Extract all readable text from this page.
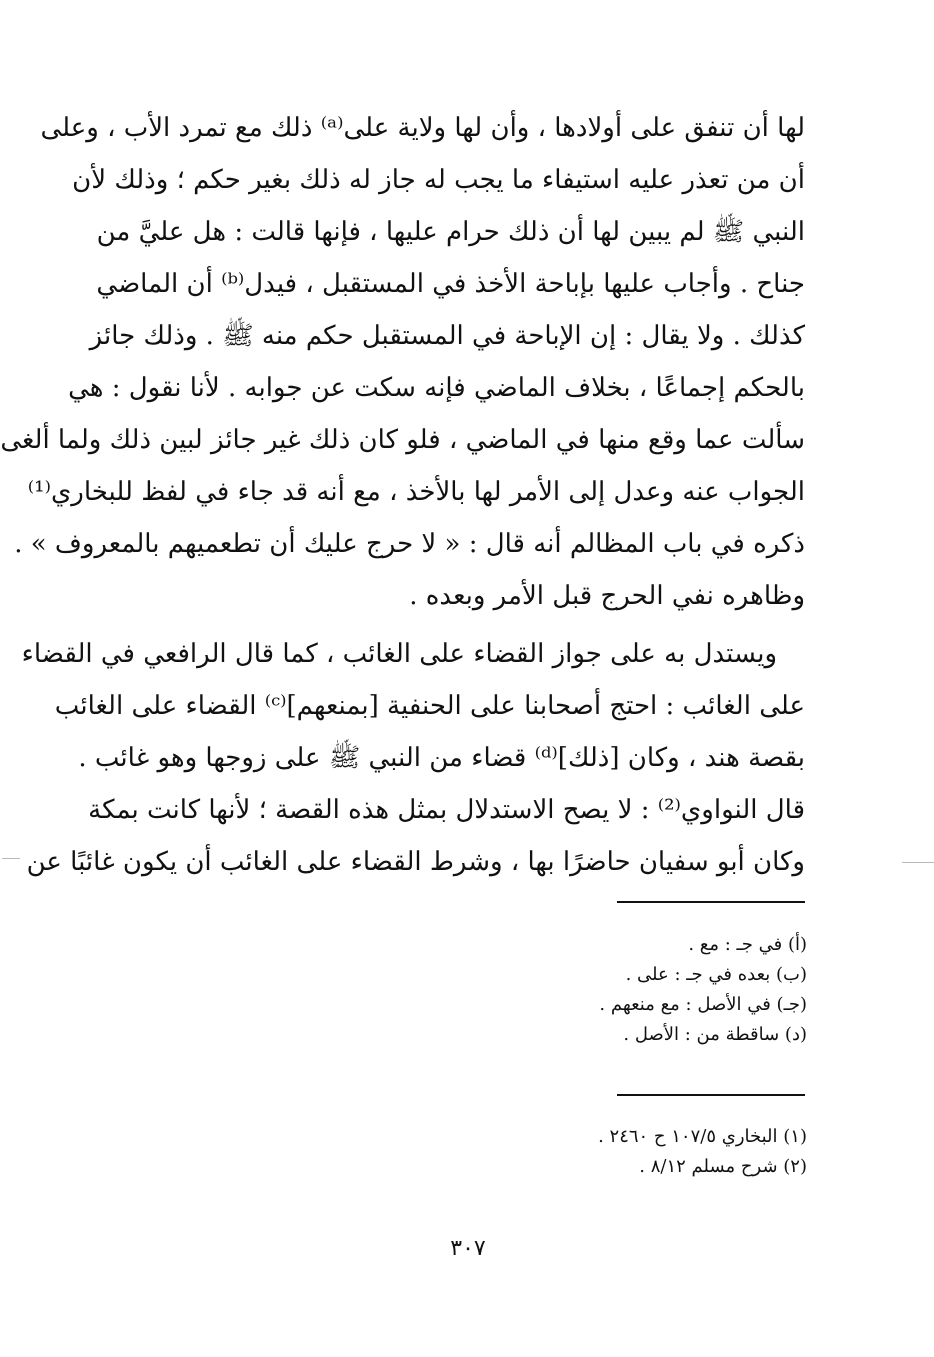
لها أن تنفق على أولادها ، وأن لها ولاية على⁽ᵃ⁾ ذلك مع تمرد الأب ، وعلى
أن من تعذر عليه استيفاء ما يجب له جاز له ذلك بغير حكم ؛ وذلك لأن
النبي ﷺ لم يبين لها أن ذلك حرام عليها ، فإنها قالت : هل عليَّ من
جناح . وأجاب عليها بإباحة الأخذ في المستقبل ، فيدل⁽ᵇ⁾ أن الماضي
كذلك . ولا يقال : إن الإباحة في المستقبل حكم منه ﷺ . وذلك جائز
بالحكم إجماعًا ، بخلاف الماضي فإنه سكت عن جوابه . لأنا نقول : هي
سألت عما وقع منها في الماضي ، فلو كان ذلك غير جائز لبين ذلك ولما ألغى
الجواب عنه وعدل إلى الأمر لها بالأخذ ، مع أنه قد جاء في لفظ للبخاري⁽¹⁾
ذكره في باب المظالم أنه قال : « لا حرج عليك أن تطعميهم بالمعروف » .
وظاهره نفي الحرج قبل الأمر وبعده .
ويستدل به على جواز القضاء على الغائب ، كما قال الرافعي في القضاء
على الغائب : احتج أصحابنا على الحنفية [بمنعهم]⁽ᶜ⁾ القضاء على الغائب
بقصة هند ، وكان [ذلك]⁽ᵈ⁾ قضاء من النبي ﷺ على زوجها وهو غائب .
قال النواوي⁽²⁾ : لا يصح الاستدلال بمثل هذه القصة ؛ لأنها كانت بمكة
وكان أبو سفيان حاضرًا بها ، وشرط القضاء على الغائب أن يكون غائبًا عن
(أ) في جـ : مع .
(ب) بعده في جـ : على .
(جـ) في الأصل : مع منعهم .
(د) ساقطة من : الأصل .
(١) البخاري ١٠٧/٥ ح ٢٤٦٠ .
(٢) شرح مسلم ٨/١٢ .
٣٠٧
